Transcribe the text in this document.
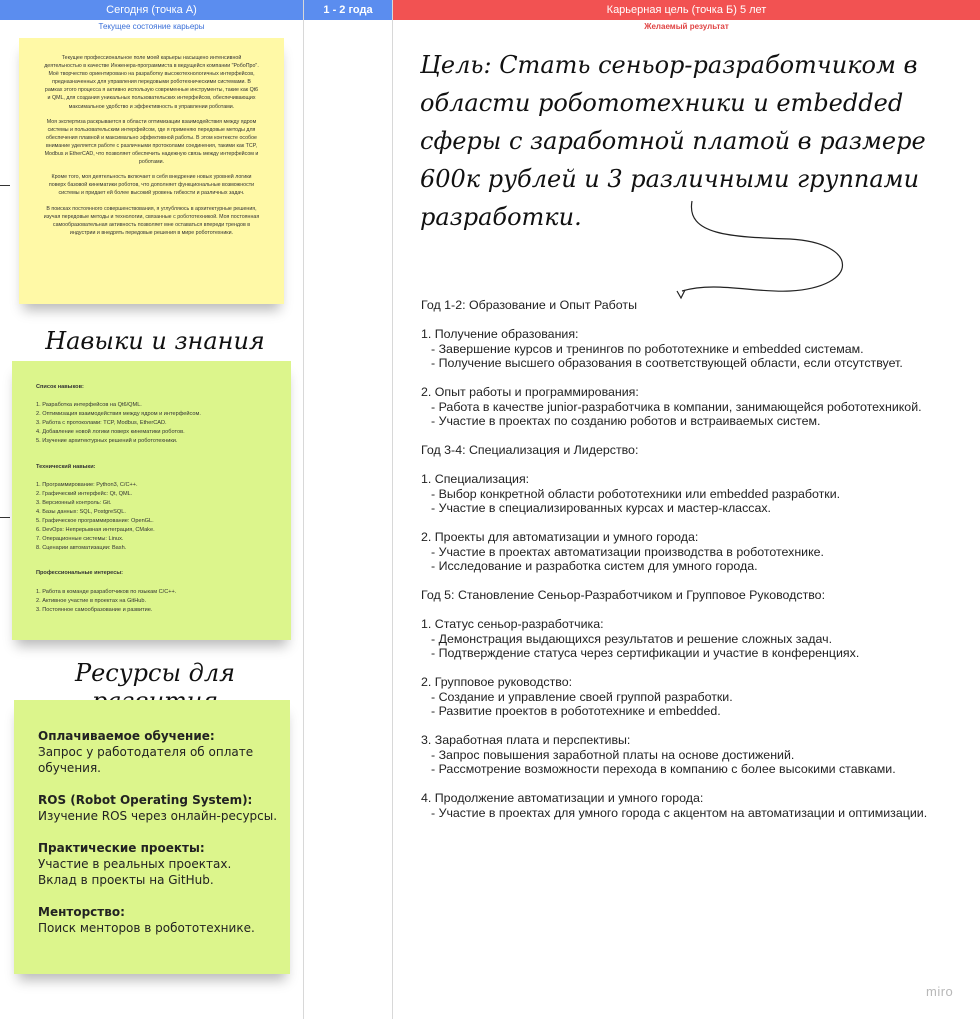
Сегодня (точка А)	1 - 2 года	Карьерная цель (точка Б) 5 лет
Текущее состояние карьеры	Желаемый результат

Текущее профессиональное поле моей карьеры насыщено интенсивной деятельностью в качестве Инженера-программиста в ведущейся компании "РобоПро". Моё творчество ориентировано на разработку высокотехнологичных интерфейсов, предназначенных для управления передовыми роботехническими системами. В рамках этого процесса я активно использую современные инструменты, такие как Qt6 и QML, для создания уникальных пользовательских интерфейсов, обеспечивающих максимальное удобство и эффективность в управлении роботами.

Моя экспертиза раскрывается в области оптимизации взаимодействия между ядром системы и пользовательским интерфейсом, где я применяю передовые методы для обеспечения плавной и максимально эффективной работы. В этом контексте особое внимание уделяется работе с различными протоколами соединения, такими как TCP, Modbus и EtherCAD, что позволяет обеспечить надежную связь между интерфейсом и роботами.

Кроме того, моя деятельность включает в себя внедрение новых уровней логики поверх базовой кинематики роботов, что дополняет функциональные возможности системы и придает ей более высокий уровень гибкости и различных задач.

В поисках постоянного совершенствования, я углубляюсь в архитектурные решения, изучая передовые методы и технологии, связанные с робототехникой. Моя постоянная самообразовательная активность позволяет мне оставаться впереди трендов в индустрии и внедрять передовые решения в мире робототехники.

Навыки и знания
Список навыков:
1. Разработка интерфейсов на Qt6/QML.
2. Оптимизация взаимодействия между ядром и интерфейсом.
3. Работа с протоколами: TCP, Modbus, EtherCAD.
4. Добавление новой логики поверх кинематики роботов.
5. Изучение архитектурных решений и робототехники.
Технический навыки:
1. Программирование: Python3, C/C++.
2. Графический интерфейс: Qt, QML.
3. Версионный контроль: Git.
4. Базы данных: SQL, PostgreSQL.
5. Графическое программирование: OpenGL.
6. DevOps: Непрерывная интеграция, CMake.
7. Операционные системы: Linux.
8. Сценарии автоматизации: Bash.
Профессиональные интересы:
1. Работа в команде разработчиков по языкам C/C++.
2. Активное участие в проектах на GitHub.
3. Постоянное самообразование и развитие.
Ресурсы для
Оплачиваемое обучение:
Запрос у работодателя об оплате обучения.
ROS (Robot Operating System):
Изучение ROS через онлайн-ресурсы.
Практические проекты:
Участие в реальных проектах.
Вклад в проекты на GitHub.
Менторство:
Поиск менторов в робототехнике.
Цель: Стать сеньор-разработчиком в области робототехники и embedded сферы с заработной платой в размере 600к рублей и 3 различными группами разработки.
Год 1-2: Образование и Опыт Работы
1. Получение образования:
- Завершение курсов и тренингов по робототехнике и embedded системам.
- Получение высшего образования в соответствующей области, если отсутствует.
2. Опыт работы и программирования:
- Работа в качестве junior-разработчика в компании, занимающейся робототехникой.
- Участие в проектах по созданию роботов и встраиваемых систем.
Год 3-4: Специализация и Лидерство:
1. Специализация:
- Выбор конкретной области робототехники или embedded разработки.
- Участие в специализированных курсах и мастер-классах.
2. Проекты для автоматизации и умного города:
- Участие в проектах автоматизации производства в робототехнике.
- Исследование и разработка систем для умного города.
Год 5: Становление Сеньор-Разработчиком и Групповое Руководство:
1. Статус сеньор-разработчика:
- Демонстрация выдающихся результатов и решение сложных задач.
- Подтверждение статуса через сертификации и участие в конференциях.
2. Групповое руководство:
- Создание и управление своей группой разработки.
- Развитие проектов в робототехнике и embedded.
3. Заработная плата и перспективы:
- Запрос повышения заработной платы на основе достижений.
- Рассмотрение возможности перехода в компанию с более высокими ставками.
4. Продолжение автоматизации и умного города:
- Участие в проектах для умного города с акцентом на автоматизации и оптимизации.
miro
